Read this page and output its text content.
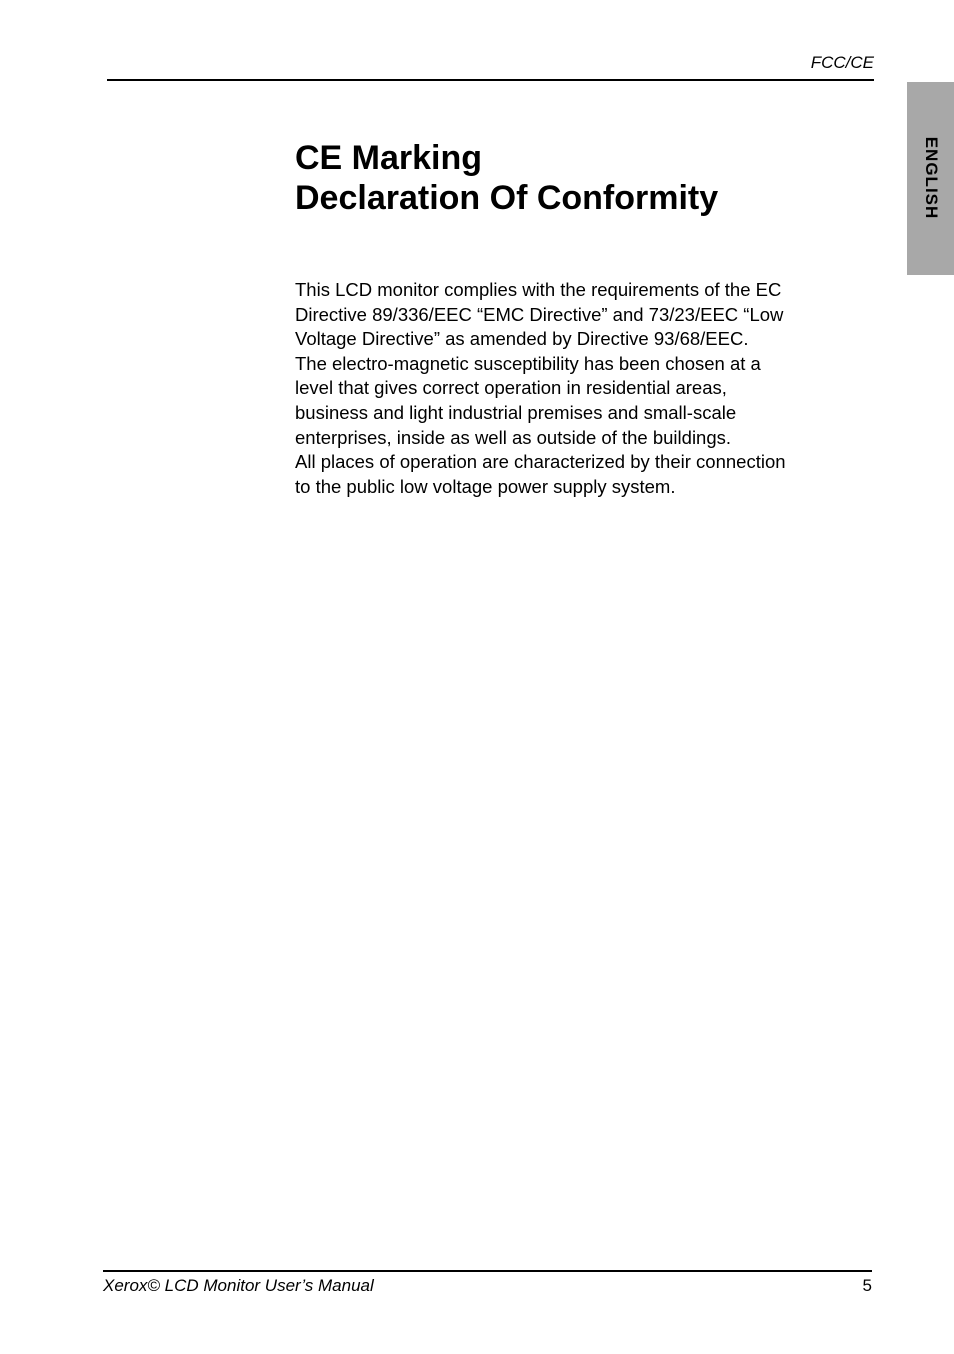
FCC/CE
ENGLISH
CE Marking
Declaration Of Conformity

This LCD monitor complies with the requirements of the EC
Directive 89/336/EEC “EMC Directive” and 73/23/EEC “Low
Voltage Directive” as amended by Directive 93/68/EEC.

The electro-magnetic susceptibility has been chosen at a
level that gives correct operation in residential areas,
business and light industrial premises and small-scale
enterprises, inside as well as outside of the buildings.

All places of operation are characterized by their connection
to the public low voltage power supply system.

Xerox© LCD Monitor User’s Manual	5
